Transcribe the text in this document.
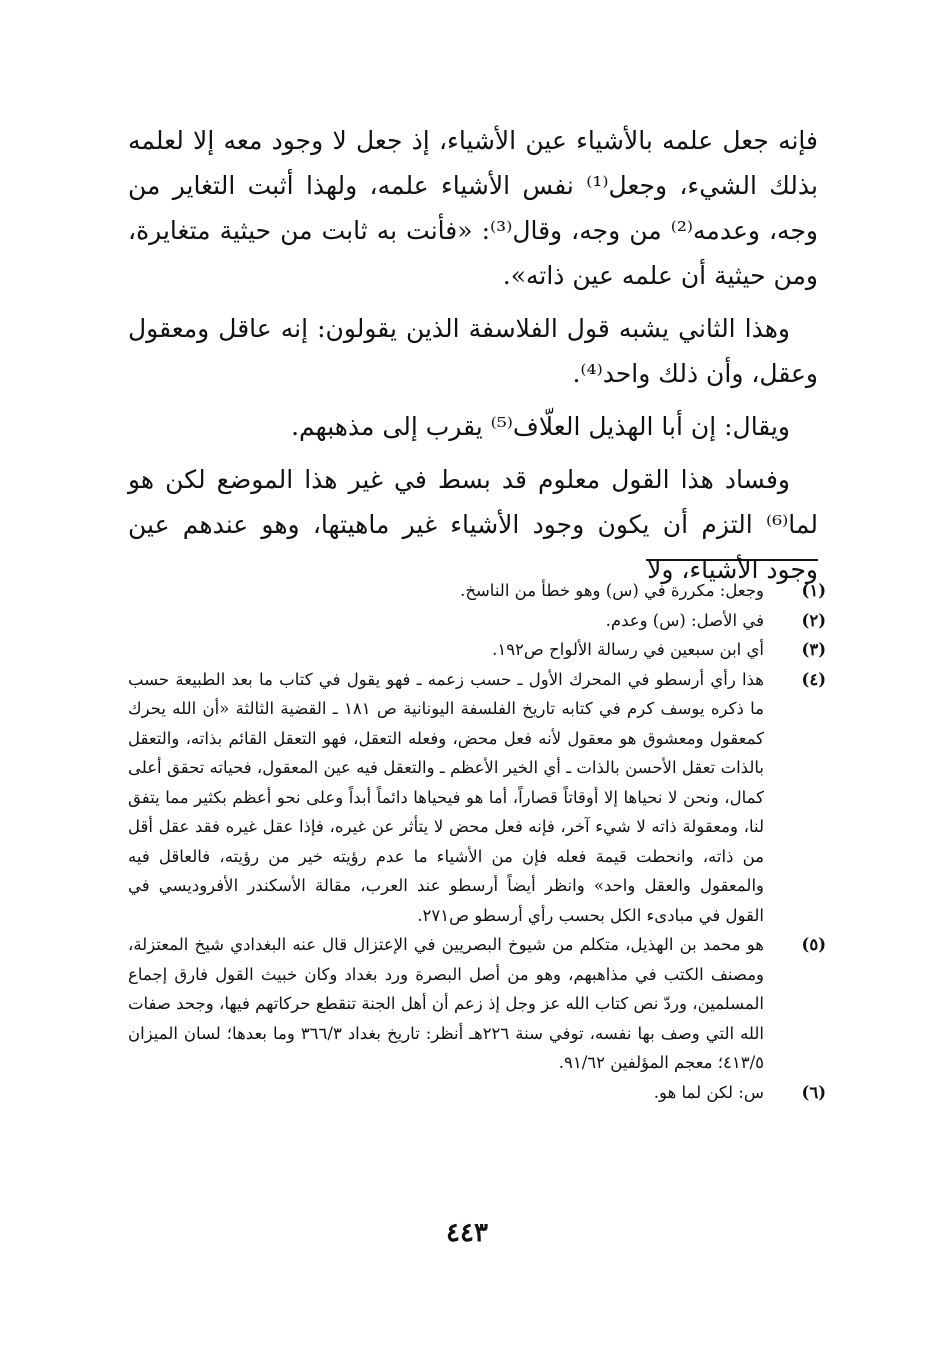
فإنه جعل علمه بالأشياء عين الأشياء، إذ جعل لا وجود معه إلا لعلمه بذلك الشيء، وجعل⁽¹⁾ نفس الأشياء علمه، ولهذا أثبت التغاير من وجه، وعدمه⁽²⁾ من وجه، وقال⁽³⁾: «فأنت به ثابت من حيثية متغايرة، ومن حيثية أن علمه عين ذاته».

وهذا الثاني يشبه قول الفلاسفة الذين يقولون: إنه عاقل ومعقول وعقل، وأن ذلك واحد⁽⁴⁾.

ويقال: إن أبا الهذيل العلّاف⁽⁵⁾ يقرب إلى مذهبهم.

وفساد هذا القول معلوم قد بسط في غير هذا الموضع لكن هو لما⁽⁶⁾ التزم أن يكون وجود الأشياء غير ماهيتها، وهو عندهم عين وجود الأشياء، ولا

(١)
وجعل: مكررة في (س) وهو خطأ من الناسخ.
(٢)
في الأصل: (س) وعدم.
(٣)
أي ابن سبعين في رسالة الألواح ص١٩٢.
(٤)
هذا رأي أرسطو في المحرك الأول ـ حسب زعمه ـ فهو يقول في كتاب ما بعد الطبيعة حسب ما ذكره يوسف كرم في كتابه تاريخ الفلسفة اليونانية ص ١٨١ ـ القضية الثالثة «أن الله يحرك كمعقول ومعشوق هو معقول لأنه فعل محض، وفعله التعقل، فهو التعقل القائم بذاته، والتعقل بالذات تعقل الأحسن بالذات ـ أي الخير الأعظم ـ والتعقل فيه عين المعقول، فحياته تحقق أعلى كمال، ونحن لا نحياها إلا أوقاتاً قصاراً، أما هو فيحياها دائماً أبداً وعلى نحو أعظم بكثير مما يتفق لنا، ومعقولة ذاته لا شيء آخر، فإنه فعل محض لا يتأثر عن غيره، فإذا عقل غيره فقد عقل أقل من ذاته، وانحطت قيمة فعله فإن من الأشياء ما عدم رؤيته خير من رؤيته، فالعاقل فيه والمعقول والعقل واحد» وانظر أيضاً أرسطو عند العرب، مقالة الأسكندر الأفروديسي في القول في مبادىء الكل بحسب رأي أرسطو ص٢٧١.
(٥)
هو محمد بن الهذيل، متكلم من شيوخ البصريين في الإعتزال قال عنه البغدادي شيخ المعتزلة، ومصنف الكتب في مذاهبهم، وهو من أصل البصرة ورد بغداد وكان خبيث القول فارق إجماع المسلمين، وردّ نص كتاب الله عز وجل إذ زعم أن أهل الجنة تنقطع حركاتهم فيها، وجحد صفات الله التي وصف بها نفسه، توفي سنة ٢٢٦هـ أنظر: تاريخ بغداد ٣٦٦/٣ وما بعدها؛ لسان الميزان ٤١٣/٥؛ معجم المؤلفين ٩١/٦٢.
(٦)
س: لكن لما هو.
٤٤٣
